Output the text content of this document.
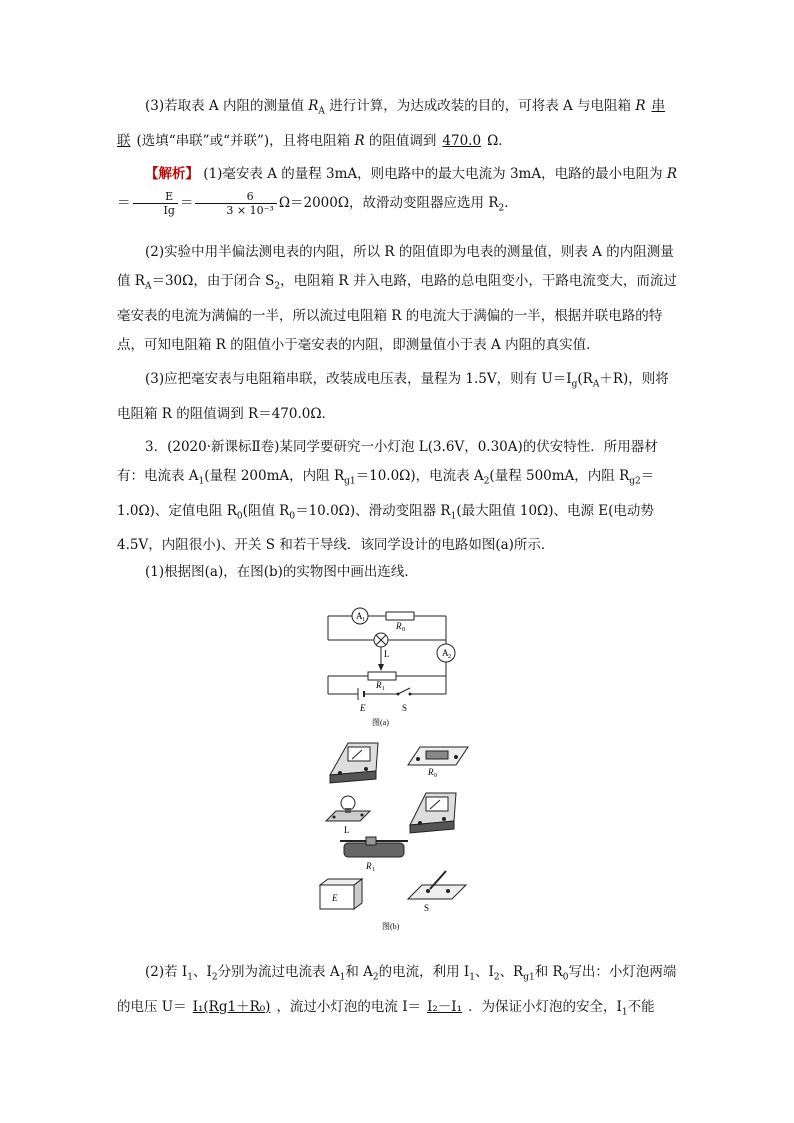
(3)若取表 A 内阻的测量值 $R_A$ 进行计算，为达成改装的目的，可将表 A 与电阻箱 R 串联 (选填“串联”或“并联”)，且将电阻箱 R 的阻值调到 470.0 Ω．

【解析】 (1)毫安表 A 的量程 3mA，则电路中的最大电流为 3mA，电路的最小电阻为 $R = \frac{E}{Ig} = \frac{6}{\text{3 × 10⁻³}} \Omega=2000\Omega$，故滑动变阻器应选用 $R_2$．

(2)实验中用半偏法测电表的内阻，所以 R 的阻值即为电表的测量值，则表 A 的内阻测量值 $R_A=30\Omega$，由于闭合 $S_2$，电阻箱 R 并入电路，电路的总电阻变小，干路电流变大，而流过毫安表的电流为满偏的一半，所以流过电阻箱 R 的电流大于满偏的一半，根据并联电路的特点，可知电阻箱 R 的阻值小于毫安表的内阻，即测量值小于表 A 内阻的真实值．

(3)应把毫安表与电阻箱串联，改装成电压表，量程为 1.5V，则有 $U=I_g(R_A+R)$，则将电阻箱 R 的阻值调到 R＝470.0Ω．

3．(2020·新课标Ⅱ卷)某同学要研究一小灯泡 L(3.6V，0.30A)的伏安特性．所用器材有：电流表 $A_1$(量程 200mA，内阻 $R_{g1}=10.0\Omega$)，电流表 $A_2$(量程 500mA，内阻 $R_{g2}=1.0\Omega$)、定值电阻 $R_0$(阻值 $R_0=10.0\Omega$)、滑动变阻器 $R_1$(最大阻值 10Ω)、电源 E(电动势 4.5V，内阻很小)、开关 S 和若干导线．该同学设计的电路如图(a)所示．

(1)根据图(a)，在图(b)的实物图中画出连线．

A 1
A 2
R 0
L
R 1
E	S
图(a)
R 0
L
R 1
E
S
图(b)

(2)若 $I_1$、$I_2$分别为流过电流表 $A_1$和 $A_2$的电流，利用 $I_1$、$I_2$、$R_{g1}$和 $R_0$写出：小灯泡两端的电压 U＝ I₁(Rg1＋R₀) ，流过小灯泡的电流 I＝ I₂－I₁ ．为保证小灯泡的安全，$I_1$不能
